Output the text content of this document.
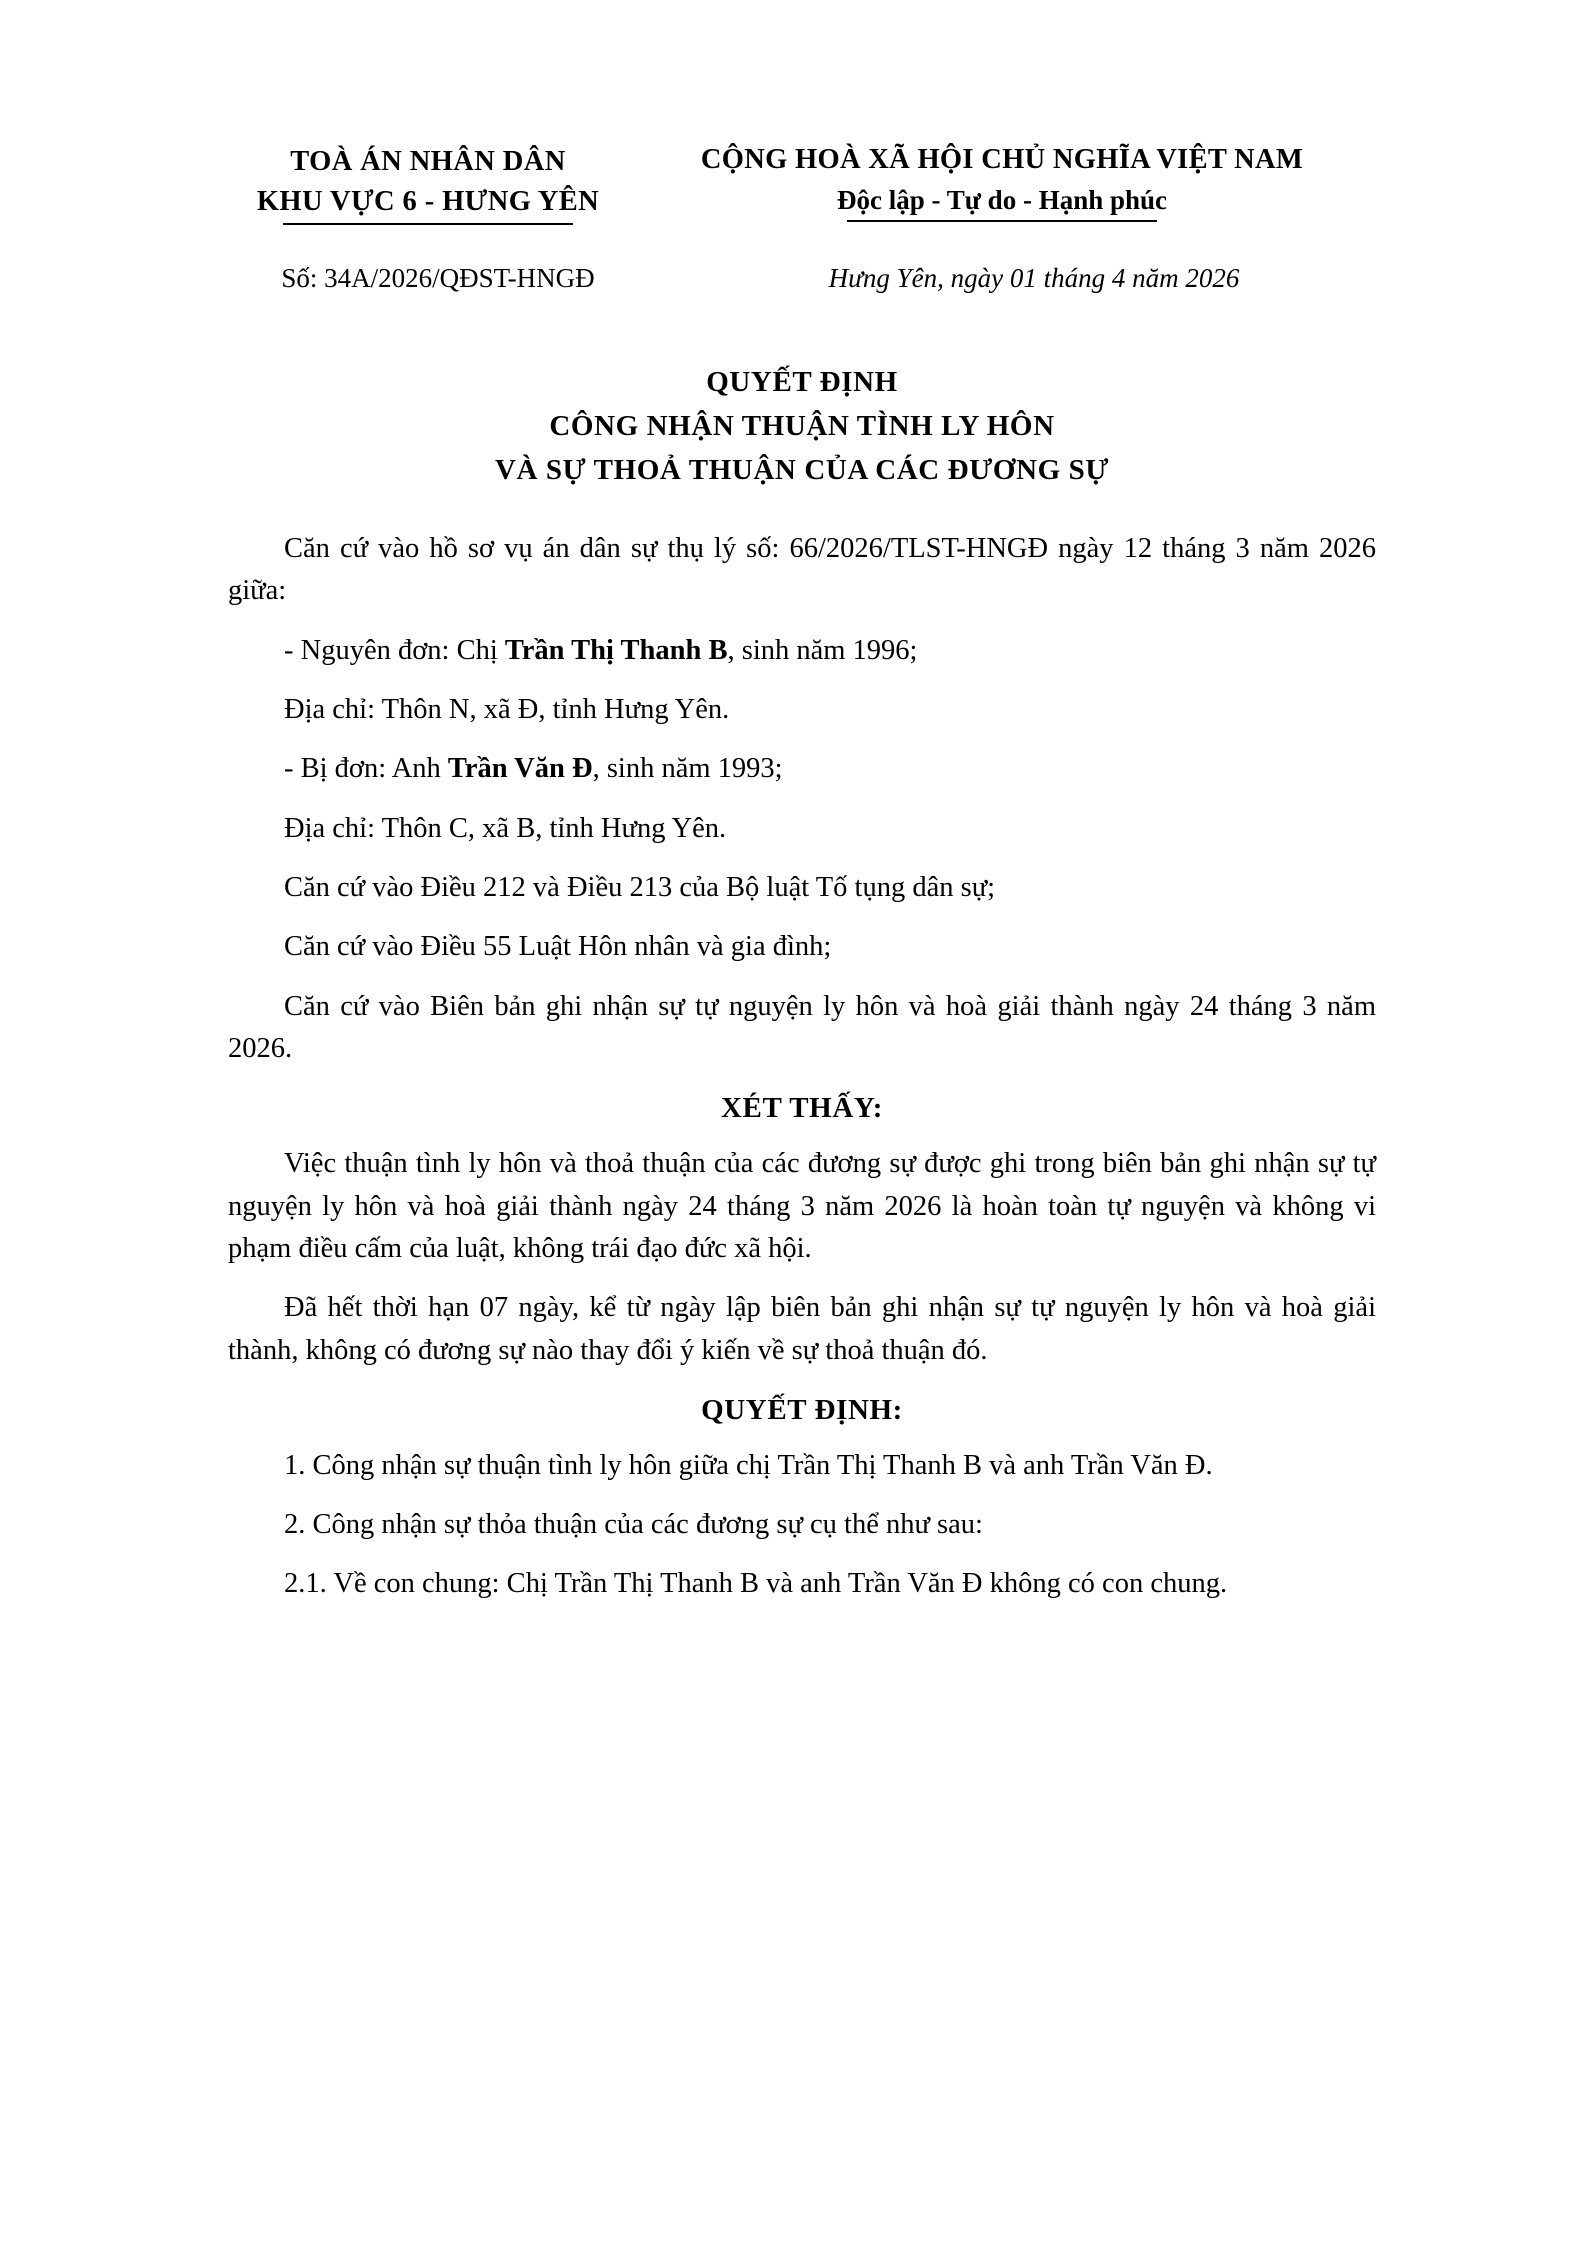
TOÀ ÁN NHÂN DÂN
KHU VỰC 6 - HƯNG YÊN
CỘNG HOÀ XÃ HỘI CHỦ NGHĨA VIỆT NAM
Độc lập - Tự do - Hạnh phúc
Số: 34A/2026/QĐST-HNGĐ	Hưng Yên, ngày 01 tháng 4 năm 2026
QUYẾT ĐỊNH
CÔNG NHẬN THUẬN TÌNH LY HÔN
VÀ SỰ THOẢ THUẬN CỦA CÁC ĐƯƠNG SỰ

Căn cứ vào hồ sơ vụ án dân sự thụ lý số: 66/2026/TLST-HNGĐ ngày 12 tháng 3 năm 2026 giữa:

- Nguyên đơn: Chị Trần Thị Thanh B, sinh năm 1996;

Địa chỉ: Thôn N, xã Đ, tỉnh Hưng Yên.

- Bị đơn: Anh Trần Văn Đ, sinh năm 1993;

Địa chỉ: Thôn C, xã B, tỉnh Hưng Yên.

Căn cứ vào Điều 212 và Điều 213 của Bộ luật Tố tụng dân sự;

Căn cứ vào Điều 55 Luật Hôn nhân và gia đình;

Căn cứ vào Biên bản ghi nhận sự tự nguyện ly hôn và hoà giải thành ngày 24 tháng 3 năm 2026.

XÉT THẤY:

Việc thuận tình ly hôn và thoả thuận của các đương sự được ghi trong biên bản ghi nhận sự tự nguyện ly hôn và hoà giải thành ngày 24 tháng 3 năm 2026 là hoàn toàn tự nguyện và không vi phạm điều cấm của luật, không trái đạo đức xã hội.

Đã hết thời hạn 07 ngày, kể từ ngày lập biên bản ghi nhận sự tự nguyện ly hôn và hoà giải thành, không có đương sự nào thay đổi ý kiến về sự thoả thuận đó.

QUYẾT ĐỊNH:

1. Công nhận sự thuận tình ly hôn giữa chị Trần Thị Thanh B và anh Trần Văn Đ.

2. Công nhận sự thỏa thuận của các đương sự cụ thể như sau:

2.1. Về con chung: Chị Trần Thị Thanh B và anh Trần Văn Đ không có con chung.
